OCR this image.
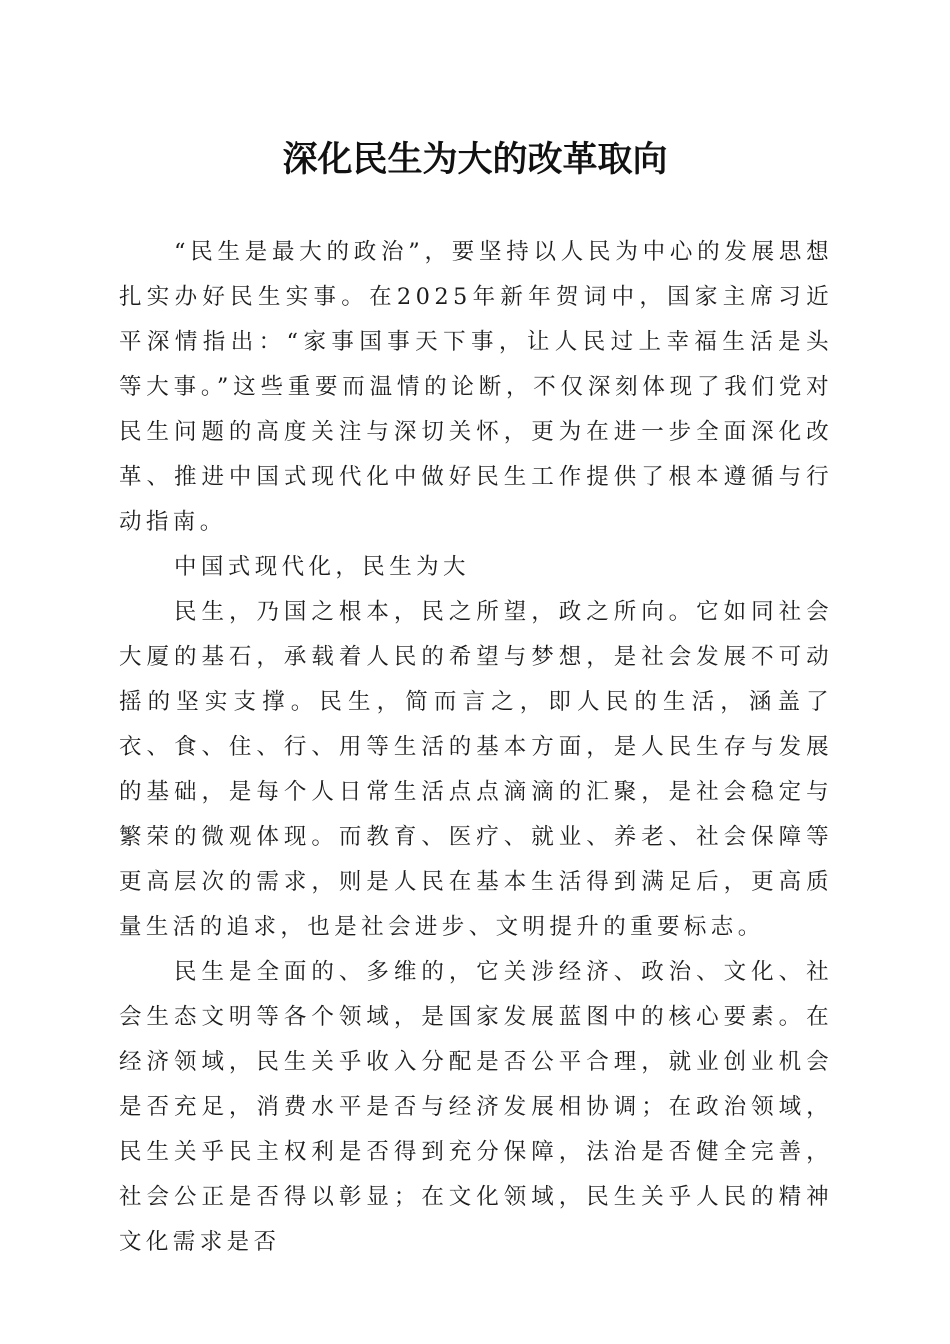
深化民生为大的改革取向

“民生是最大的政治”，要坚持以人民为中心的发展思想扎实办好民生实事。在2025年新年贺词中，国家主席习近平深情指出：“家事国事天下事，让人民过上幸福生活是头等大事。”这些重要而温情的论断，不仅深刻体现了我们党对民生问题的高度关注与深切关怀，更为在进一步全面深化改革、推进中国式现代化中做好民生工作提供了根本遵循与行动指南。

中国式现代化，民生为大

民生，乃国之根本，民之所望，政之所向。它如同社会大厦的基石，承载着人民的希望与梦想，是社会发展不可动摇的坚实支撑。民生，简而言之，即人民的生活，涵盖了衣、食、住、行、用等生活的基本方面，是人民生存与发展的基础，是每个人日常生活点点滴滴的汇聚，是社会稳定与繁荣的微观体现。而教育、医疗、就业、养老、社会保障等更高层次的需求，则是人民在基本生活得到满足后，更高质量生活的追求，也是社会进步、文明提升的重要标志。

民生是全面的、多维的，它关涉经济、政治、文化、社会生态文明等各个领域，是国家发展蓝图中的核心要素。在经济领域，民生关乎收入分配是否公平合理，就业创业机会是否充足，消费水平是否与经济发展相协调；在政治领域，民生关乎民主权利是否得到充分保障，法治是否健全完善，社会公正是否得以彰显；在文化领域，民生关乎人民的精神文化需求是否
